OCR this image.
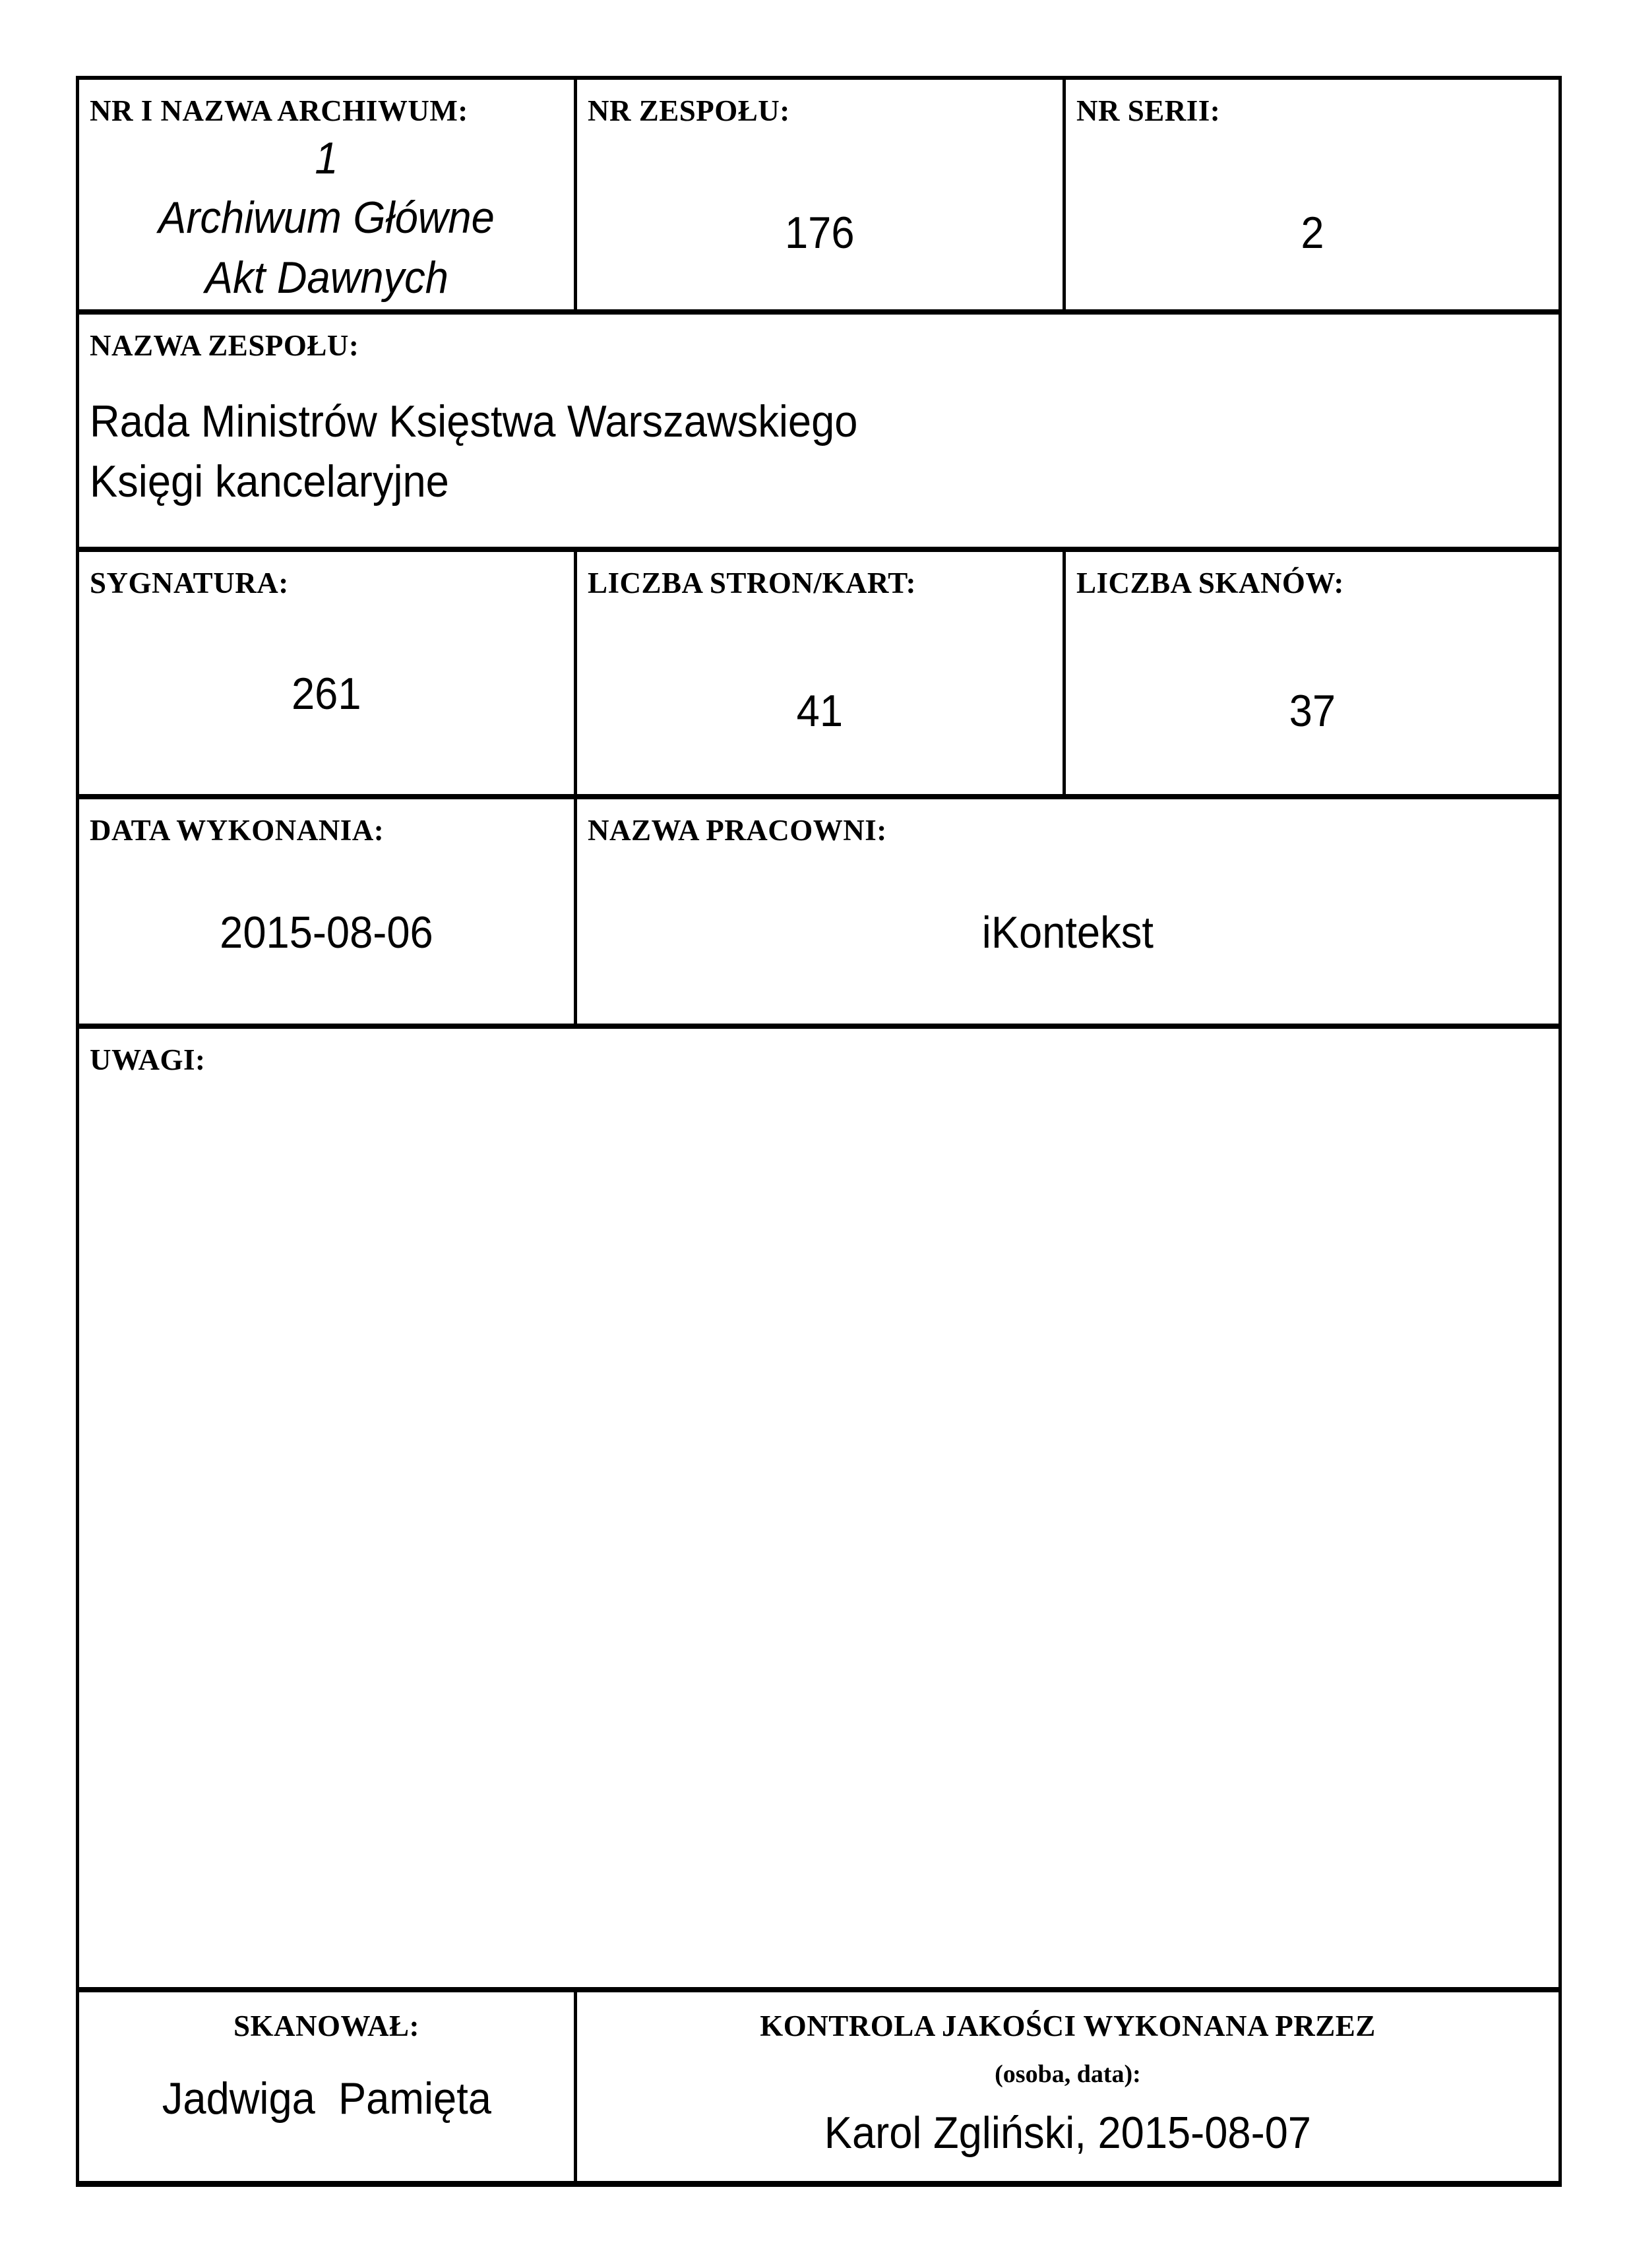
NR I NAZWA ARCHIWUM:
1
Archiwum Główne
Akt Dawnych
NR ZESPOŁU:
176
NR SERII:
2
NAZWA ZESPOŁU:
Rada Ministrów Księstwa Warszawskiego
Księgi kancelaryjne
SYGNATURA:
261
LICZBA STRON/KART:
41
LICZBA SKANÓW:
37
DATA WYKONANIA:
2015-08-06
NAZWA PRACOWNI:
iKontekst
UWAGI:
SKANOWAŁ:
Jadwiga  Pamięta
KONTROLA JAKOŚCI WYKONANA PRZEZ
(osoba, data):
Karol Zgliński, 2015-08-07
